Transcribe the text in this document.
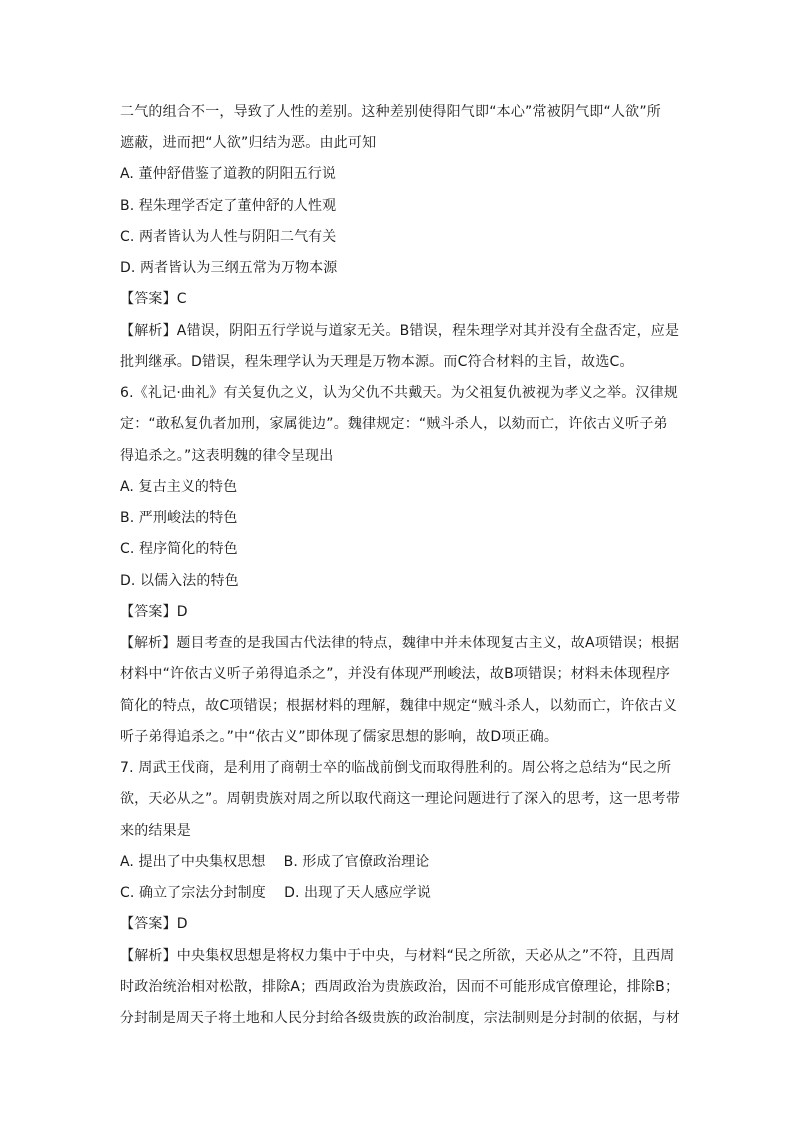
二气的组合不一，导致了人性的差别。这种差别使得阳气即“本心”常被阴气即“人欲”所
遮蔽，进而把“人欲”归结为恶。由此可知
A. 董仲舒借鉴了道教的阴阳五行说
B. 程朱理学否定了董仲舒的人性观
C. 两者皆认为人性与阴阳二气有关
D. 两者皆认为三纲五常为万物本源
【答案】C
【解析】A错误，阴阳五行学说与道家无关。B错误，程朱理学对其并没有全盘否定，应是
批判继承。D错误，程朱理学认为天理是万物本源。而C符合材料的主旨，故选C。
6.《礼记·曲礼》有关复仇之义，认为父仇不共戴天。为父祖复仇被视为孝义之举。汉律规
定：“敢私复仇者加刑，家属徙边”。魏律规定：“贼斗杀人，以劾而亡，许依古义听子弟
得追杀之。”这表明魏的律令呈现出
A. 复古主义的特色
B. 严刑峻法的特色
C. 程序简化的特色
D. 以儒入法的特色
【答案】D
【解析】题目考查的是我国古代法律的特点，魏律中并未体现复古主义，故A项错误；根据
材料中“许依古义听子弟得追杀之”，并没有体现严刑峻法，故B项错误；材料未体现程序
简化的特点，故C项错误；根据材料的理解，魏律中规定“贼斗杀人，以劾而亡，许依古义
听子弟得追杀之。”中“依古义”即体现了儒家思想的影响，故D项正确。
7. 周武王伐商，是利用了商朝士卒的临战前倒戈而取得胜利的。周公将之总结为“民之所
欲，天必从之”。周朝贵族对周之所以取代商这一理论问题进行了深入的思考，这一思考带
来的结果是
A. 提出了中央集权思想    B. 形成了官僚政治理论
C. 确立了宗法分封制度    D. 出现了天人感应学说
【答案】D
【解析】中央集权思想是将权力集中于中央，与材料“民之所欲，天必从之”不符，且西周
时政治统治相对松散，排除A；西周政治为贵族政治，因而不可能形成官僚理论，排除B；
分封制是周天子将土地和人民分封给各级贵族的政治制度，宗法制则是分封制的依据，与材
